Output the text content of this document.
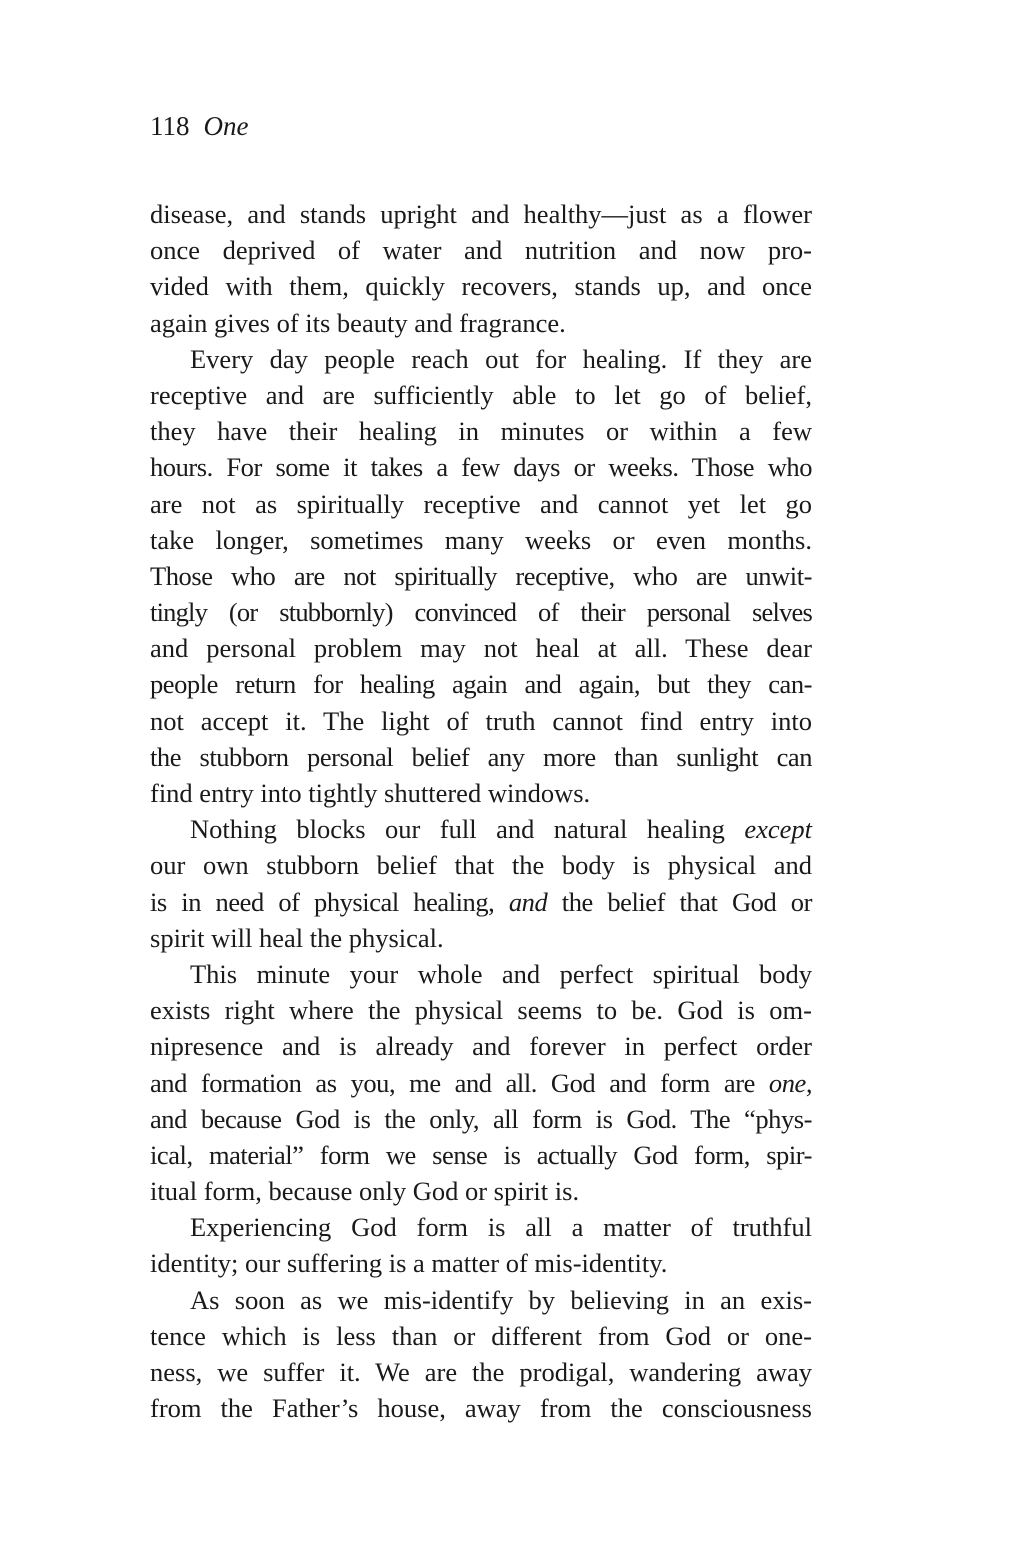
118 One

disease, and stands upright and healthy—just as a flower
once deprived of water and nutrition and now pro-
vided with them, quickly recovers, stands up, and once
again gives of its beauty and fragrance.

Every day people reach out for healing. If they are
receptive and are sufficiently able to let go of belief,
they have their healing in minutes or within a few
hours. For some it takes a few days or weeks. Those who
are not as spiritually receptive and cannot yet let go
take longer, sometimes many weeks or even months.
Those who are not spiritually receptive, who are unwit-
tingly (or stubbornly) convinced of their personal selves
and personal problem may not heal at all. These dear
people return for healing again and again, but they can-
not accept it. The light of truth cannot find entry into
the stubborn personal belief any more than sunlight can
find entry into tightly shuttered windows.

Nothing blocks our full and natural healing except
our own stubborn belief that the body is physical and
is in need of physical healing, and the belief that God or
spirit will heal the physical.

This minute your whole and perfect spiritual body
exists right where the physical seems to be. God is om-
nipresence and is already and forever in perfect order
and formation as you, me and all. God and form are one,
and because God is the only, all form is God. The “phys-
ical, material” form we sense is actually God form, spir-
itual form, because only God or spirit is.

Experiencing God form is all a matter of truthful
identity; our suffering is a matter of mis-identity.

As soon as we mis-identify by believing in an exis-
tence which is less than or different from God or one-
ness, we suffer it. We are the prodigal, wandering away
from the Father’s house, away from the consciousness
